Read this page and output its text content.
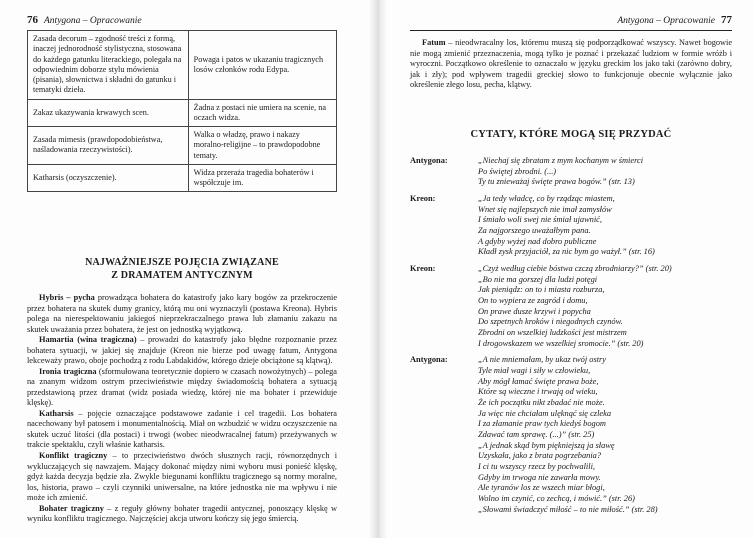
76 Antygona – Opracowanie
Zasada decorum – zgodność treści z formą, inaczej jednorodność stylistyczna, stosowana do każdego gatunku literackiego, polegała na odpowiednim doborze stylu mówienia (pisania), słownictwa i składni do gatunku i tematyki dzieła.	Powaga i patos w ukazaniu tragicznych losów członków rodu Edypa.
Zakaz ukazywania krwawych scen.	Żadna z postaci nie umiera na scenie, na oczach widza.
Zasada mimesis (prawdopodobieństwa, naśladowania rzeczywistości).	Walka o władzę, prawo i nakazy moralno-religijne – to prawdopodobne tematy.
Katharsis (oczyszczenie).	Widza przeraża tragedia bohaterów i współczuje im.
NAJWAŻNIEJSZE POJĘCIA ZWIĄZANE
Z DRAMATEM ANTYCZNYM

Hybris – pycha prowadząca bohatera do katastrofy jako kary bogów za przekroczenie przez bohatera na skutek dumy granicy, którą mu oni wyznaczyli (postawa Kreona). Hybris polega na nierespektowaniu jakiegoś nieprzekraczalnego prawa lub złamaniu zakazu na skutek uważania przez bohatera, że jest on jednostką wyjątkową.

Hamartia (wina tragiczna) – prowadzi do katastrofy jako błędne rozpoznanie przez bohatera sytuacji, w jakiej się znajduje (Kreon nie bierze pod uwagę fatum, Antygona lekceważy prawo, oboje pochodzą z rodu Labdakidów, którego dzieje obciążone są klątwą).

Ironia tragiczna (sformułowana teoretycznie dopiero w czasach nowożytnych) – polega na znanym widzom ostrym przeciwieństwie między świadomością bohatera a sytuacją przedstawioną przez dramat (widz posiada wiedzę, której nie ma bohater i przewiduje klęskę).

Katharsis – pojęcie oznaczające podstawowe zadanie i cel tragedii. Los bohatera nacechowany był patosem i monumentalnością. Miał on wzbudzić w widzu oczyszczenie na skutek uczuć litości (dla postaci) i trwogi (wobec nieodwracalnej fatum) przeżywanych w trakcie spektaklu, czyli właśnie katharsis.

Konflikt tragiczny – to przeciwieństwo dwóch słusznych racji, równorzędnych i wykluczających się nawzajem. Mający dokonać między nimi wyboru musi ponieść klęskę, gdyż każda decyzja będzie zła. Zwykle biegunami konfliktu tragicznego są normy moralne, los, historia, prawo – czyli czynniki uniwersalne, na które jednostka nie ma wpływu i nie może ich zmienić.

Bohater tragiczny – z reguły główny bohater tragedii antycznej, ponoszący klęskę w wyniku konfliktu tragicznego. Najczęściej akcja utworu kończy się jego śmiercią.

Antygona – Opracowanie 77

Fatum – nieodwracalny los, któremu muszą się podporządkować wszyscy. Nawet bogowie nie mogą zmienić przeznaczenia, mogą tylko je poznać i przekazać ludziom w formie wróżb i wyroczni. Początkowo określenie to oznaczało w języku greckim los jako taki (zarówno dobry, jak i zły); pod wpływem tragedii greckiej słowo to funkcjonuje obecnie wyłącznie jako określenie złego losu, pecha, klątwy.

CYTATY, KTÓRE MOGĄ SIĘ PRZYDAĆ
Antygona:	„Niechaj się zbratam z mym kochanym w śmierci
Po świętej zbrodni. (...)
Ty tu znieważaj święte prawa bogów.” (str. 13)
Kreon:	„Ja tedy władcę, co by rządząc miastem,
Wnet się najlepszych nie imał zamysłów
I śmiało woli swej nie śmiał ujawnić,
Za najgorszego uważałbym pana.
A gdyby wyżej nad dobro publiczne
Kładł zysk przyjaciół, za nic bym go ważył.” (str. 16)
Kreon:	„Czyż według ciebie bóstwa czczą zbrodniarzy?” (str. 20)
„Bo nie ma gorszej dla ludzi potęgi
Jak pieniądz: on to i miasta rozburza,
On to wypiera ze zagród i domu,
On prawe dusze krzywi i popycha
Do szpetnych kroków i niegodnych czynów.
Zbrodni on wszelkiej ludzkości jest mistrzem
I drogowskazem we wszelkiej sromocie.” (str. 20)
Antygona:	„A nie mniemałam, by ukaz twój ostry
Tyle miał wagi i siły w człowieku,
Aby mógł łamać święte prawa boże,
Które są wieczne i trwają od wieku,
Że ich początku nikt zbadać nie może.
Ja więc nie chciałam ulęknąć się czleka
I za złamanie praw tych kiedyś bogom
Zdawać tam sprawę. (...)” (str. 25)
„A jednak skąd bym piękniejszą ja sławę
Uzyskała, jako z brata pogrzebania?
I ci tu wszyscy rzecz by pochwalili,
Gdyby im trwoga nie zawarła mowy.
Ale tyranów los ze wszech miar błogi,
Wolno im czynić, co zechcą, i mówić.” (str. 26)
„Słowami świadczyć miłość – to nie miłość.” (str. 28)
